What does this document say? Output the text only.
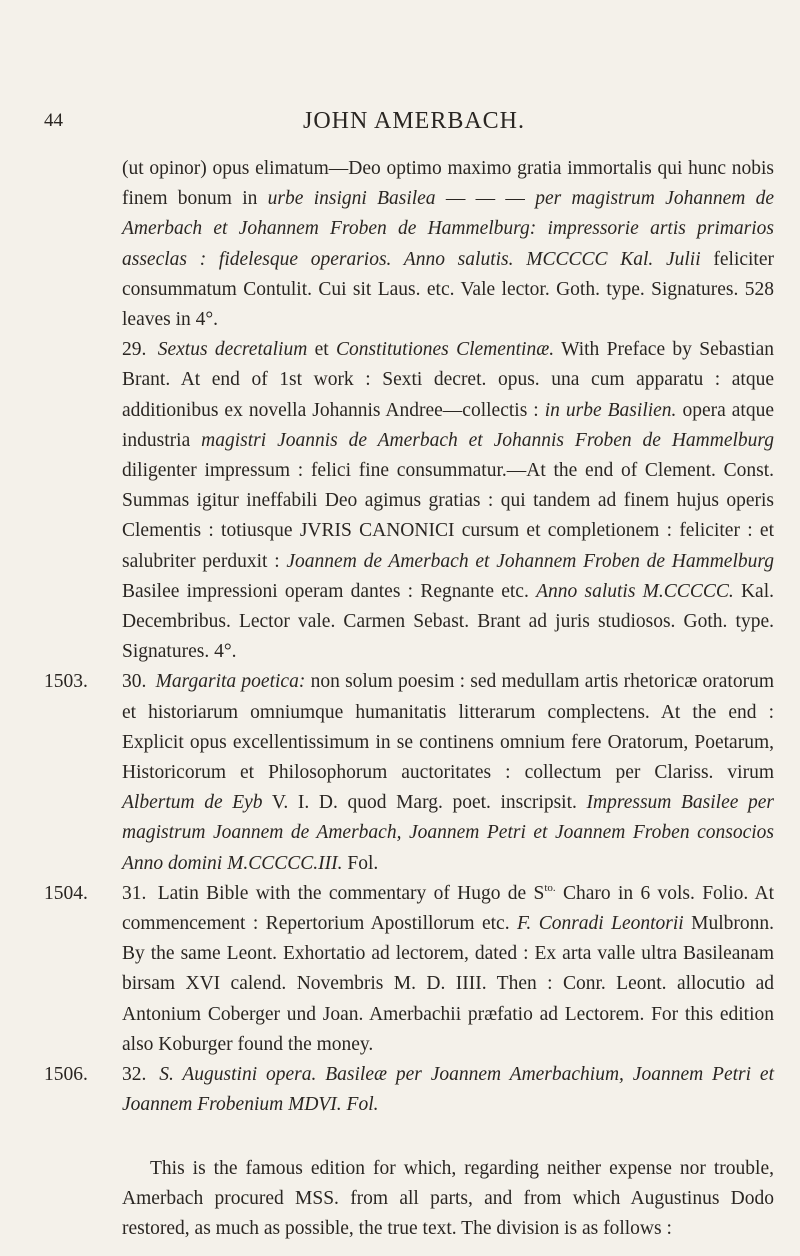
44	JOHN AMERBACH.

(ut opinor) opus elimatum—Deo optimo maximo gratia immortalis qui hunc nobis finem bonum in urbe insigni Basilea — — — per magistrum Johannem de Amerbach et Johannem Froben de Hammelburg: impressorie artis primarios asseclas : fidelesque operarios. Anno salutis. MCCCCC Kal. Julii feliciter consummatum Contulit. Cui sit Laus. etc. Vale lector. Goth. type. Signatures. 528 leaves in 4°.

29. Sextus decretalium et Constitutiones Clementinæ. With Preface by Sebastian Brant. At end of 1st work : Sexti decret. opus. una cum apparatu : atque additionibus ex novella Johannis Andree—collectis : in urbe Basilien. opera atque industria magistri Joannis de Amerbach et Johannis Froben de Hammelburg diligenter impressum : felici fine consummatur.—At the end of Clement. Const. Summas igitur ineffabili Deo agimus gratias : qui tandem ad finem hujus operis Clementis : totiusque JVRIS CANONICI cursum et completionem : feliciter : et salubriter perduxit : Joannem de Amerbach et Johannem Froben de Hammelburg Basilee impressioni operam dantes : Regnante etc. Anno salutis M.CCCCC. Kal. Decembribus. Lector vale. Carmen Sebast. Brant ad juris studiosos. Goth. type. Signatures. 4°.

1503. 30. Margarita poetica: non solum poesim : sed medullam artis rhetoricæ oratorum et historiarum omniumque humanitatis litterarum complectens. At the end : Explicit opus excellentissimum in se continens omnium fere Oratorum, Poetarum, Historicorum et Philosophorum auctoritates : collectum per Clariss. virum Albertum de Eyb V. I. D. quod Marg. poet. inscripsit. Impressum Basilee per magistrum Joannem de Amerbach, Joannem Petri et Joannem Froben consocios Anno domini M.CCCCC.III. Fol.

1504. 31. Latin Bible with the commentary of Hugo de $S^{to.}$ Charo in 6 vols. Folio. At commencement : Repertorium Apostillorum etc. F. Conradi Leontorii Mulbronn. By the same Leont. Exhortatio ad lectorem, dated : Ex arta valle ultra Basileanam birsam XVI calend. Novembris M. D. IIII. Then : Conr. Leont. allocutio ad Antonium Coberger und Joan. Amerbachii præfatio ad Lectorem. For this edition also Koburger found the money.

1506. 32. S. Augustini opera. Basileæ per Joannem Amerbachium, Joannem Petri et Joannem Frobenium MDVI. Fol.

This is the famous edition for which, regarding neither expense nor trouble, Amerbach procured MSS. from all parts, and from which Augustinus Dodo restored, as much as possible, the true text. The division is as follows :
